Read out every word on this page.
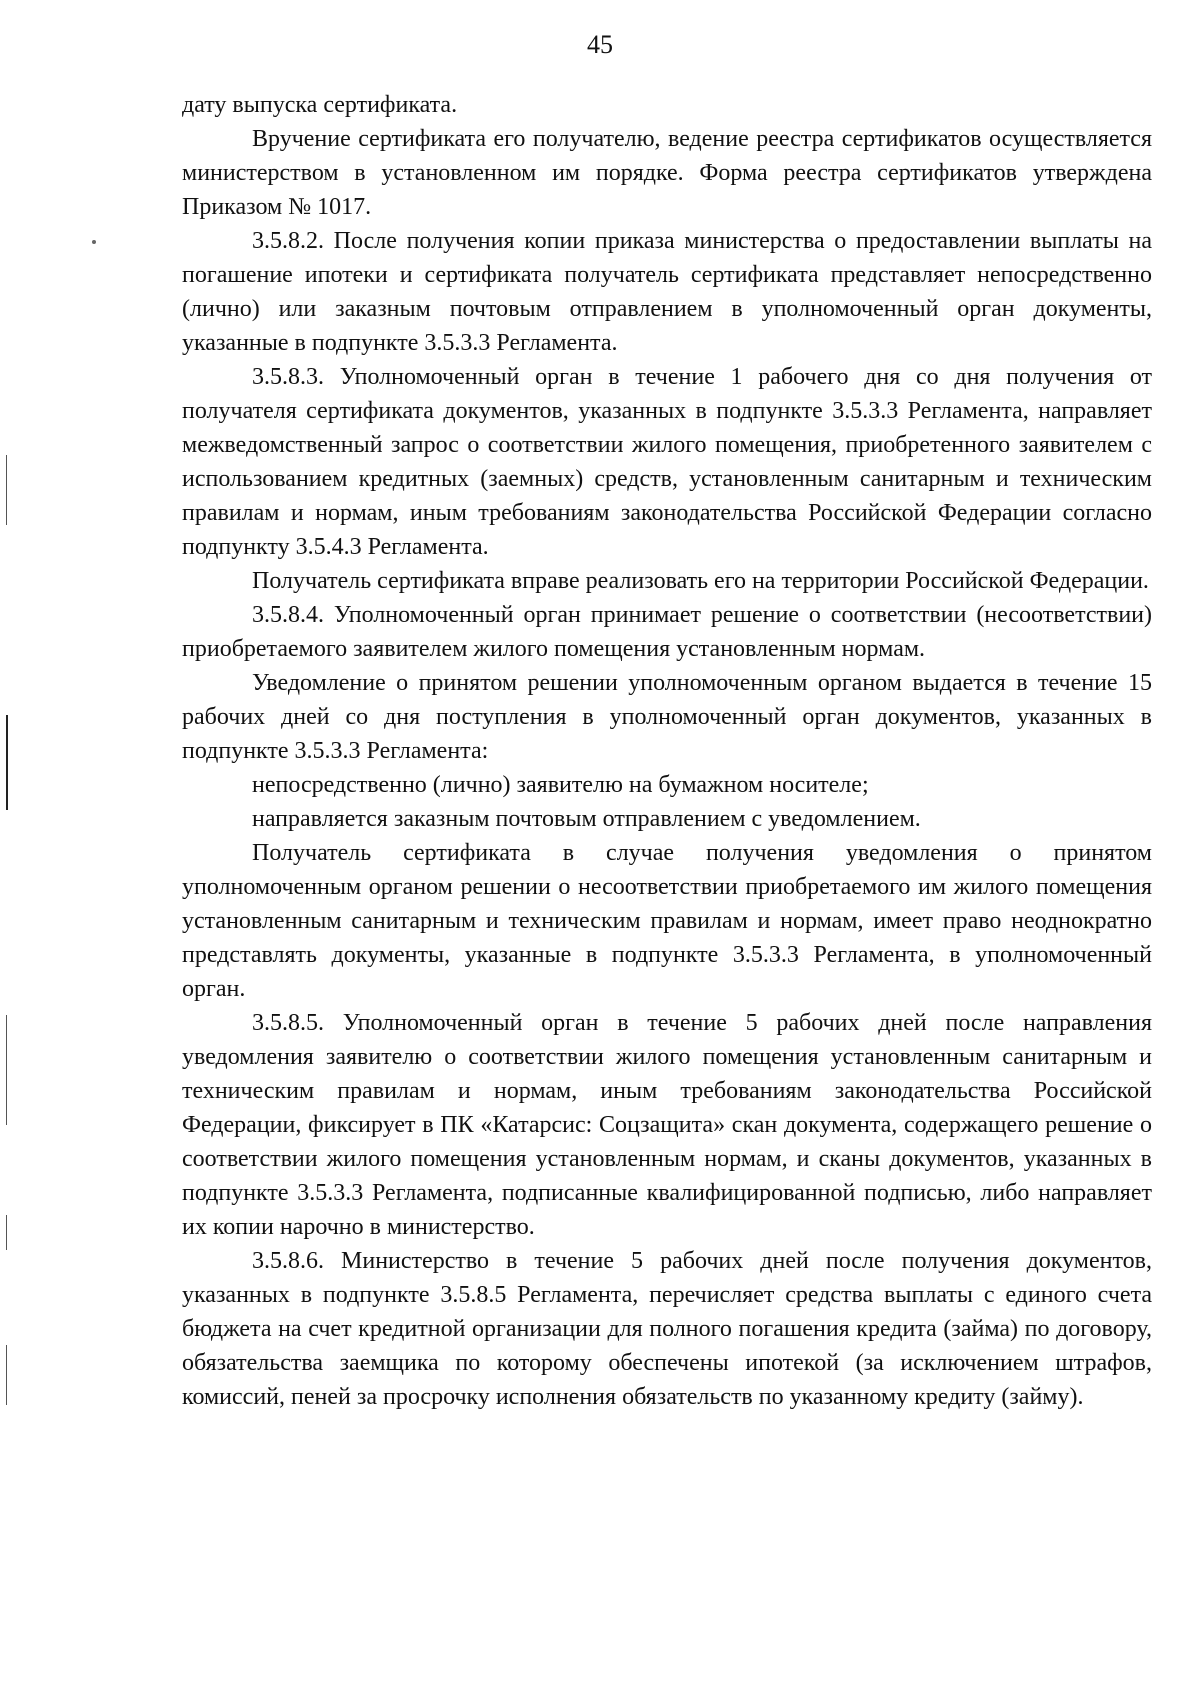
45

дату выпуска сертификата.

Вручение сертификата его получателю, ведение реестра сертификатов осуществляется министерством в установленном им порядке. Форма реестра сертификатов утверждена Приказом № 1017.

3.5.8.2. После получения копии приказа министерства о предоставлении выплаты на погашение ипотеки и сертификата получатель сертификата представляет непосредственно (лично) или заказным почтовым отправлением в уполномоченный орган документы, указанные в подпункте 3.5.3.3 Регламента.

3.5.8.3. Уполномоченный орган в течение 1 рабочего дня со дня получения от получателя сертификата документов, указанных в подпункте 3.5.3.3 Регламента, направляет межведомственный запрос о соответствии жилого помещения, приобретенного заявителем с использованием кредитных (заемных) средств, установленным санитарным и техническим правилам и нормам, иным требованиям законодательства Российской Федерации согласно подпункту 3.5.4.3 Регламента.

Получатель сертификата вправе реализовать его на территории Российской Федерации.

3.5.8.4. Уполномоченный орган принимает решение о соответствии (несоответствии) приобретаемого заявителем жилого помещения установленным нормам.

Уведомление о принятом решении уполномоченным органом выдается в течение 15 рабочих дней со дня поступления в уполномоченный орган документов, указанных в подпункте 3.5.3.3 Регламента:

непосредственно (лично) заявителю на бумажном носителе;

направляется заказным почтовым отправлением с уведомлением.

Получатель сертификата в случае получения уведомления о принятом уполномоченным органом решении о несоответствии приобретаемого им жилого помещения установленным санитарным и техническим правилам и нормам, имеет право неоднократно представлять документы, указанные в подпункте 3.5.3.3 Регламента, в уполномоченный орган.

3.5.8.5. Уполномоченный орган в течение 5 рабочих дней после направления уведомления заявителю о соответствии жилого помещения установленным санитарным и техническим правилам и нормам, иным требованиям законодательства Российской Федерации, фиксирует в ПК «Катарсис: Соцзащита» скан документа, содержащего решение о соответствии жилого помещения установленным нормам, и сканы документов, указанных в подпункте 3.5.3.3 Регламента, подписанные квалифицированной подписью, либо направляет их копии нарочно в министерство.

3.5.8.6. Министерство в течение 5 рабочих дней после получения документов, указанных в подпункте 3.5.8.5 Регламента, перечисляет средства выплаты с единого счета бюджета на счет кредитной организации для полного погашения кредита (займа) по договору, обязательства заемщика по которому обеспечены ипотекой (за исключением штрафов, комиссий, пеней за просрочку исполнения обязательств по указанному кредиту (займу).
